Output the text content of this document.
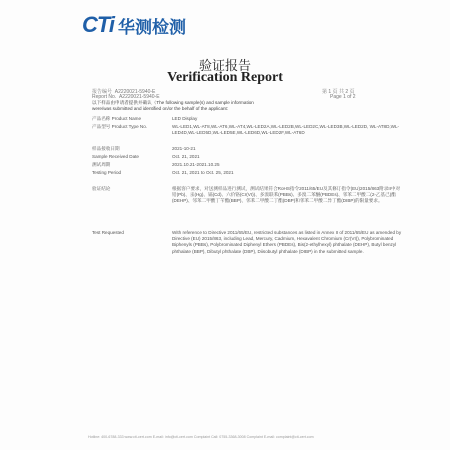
CTi 华测检测
验证报告
Verification Report
报告编号 A2220021-5940-E	第 1 页 共 2 页
Report No. A2220021-5940-E	Page 1 of 2
以下样品由申请者提供并确认（The following sample(s) and sample information
were/was submitted and identified on/or the behalf of the applicant:
产品名称 Product Name	LED Display
产品型号 Product Type No.	WL-LED1,WL-AT8,WL-AT6,WL-AT4,WL-LED2A,WL-LED2B,WL-LED2C,WL-LED3B,WL-LED2D, WL-AT8D,WL-LED4D,WL-LED5D,WL-LED5E,WL-LED6D,WL-LED2F,WL-AT6D
样品接收日期	2021-10-21
Sample Received Date	Oct. 21, 2021
测试周期	2021.10.21-2021.10.25
Testing Period	Oct. 21, 2021 to Oct. 25, 2021
验证结论	根据客户要求，对送测样品进行测试，测试结果符合RoHS指令2011/65/EU及其修订指令(EU)2015/863附录II中对铅(Pb)、汞(Hg)、镉(Cd)、六价铬(Cr(VI))、多溴联苯(PBBs)、多溴二苯醚(PBDEs)、邻苯二甲酸二(2-乙基己)酯(DEHP)、邻苯二甲酸丁苄酯(BBP)、邻苯二甲酸二丁酯(DBP)和邻苯二甲酸二异丁酯(DIBP)的限量要求。
Test Requested	With reference to Directive 2011/65/EU, restricted substances as listed in Annex II of 2011/65/EU as amended by Directive (EU) 2015/863, including Lead, Mercury, Cadmium, Hexavalent Chromium (Cr(VI)), Polybrominated Biphenyls (PBBs), Polybrominated Diphenyl Ethers (PBDEs), Bis(2-ethylhexyl) phthalate (DEHP), Butyl benzyl phthalate (BBP), Dibutyl phthalate (DBP), Diisobutyl phthalate (DIBP) in the submitted sample.
Hotline: 400-6788-333 www.cti-cert.com E-mail: info@cti-cert.com Complaint Call: 0755-3368-3008 Complaint E-mail: complaint@cti-cert.com
